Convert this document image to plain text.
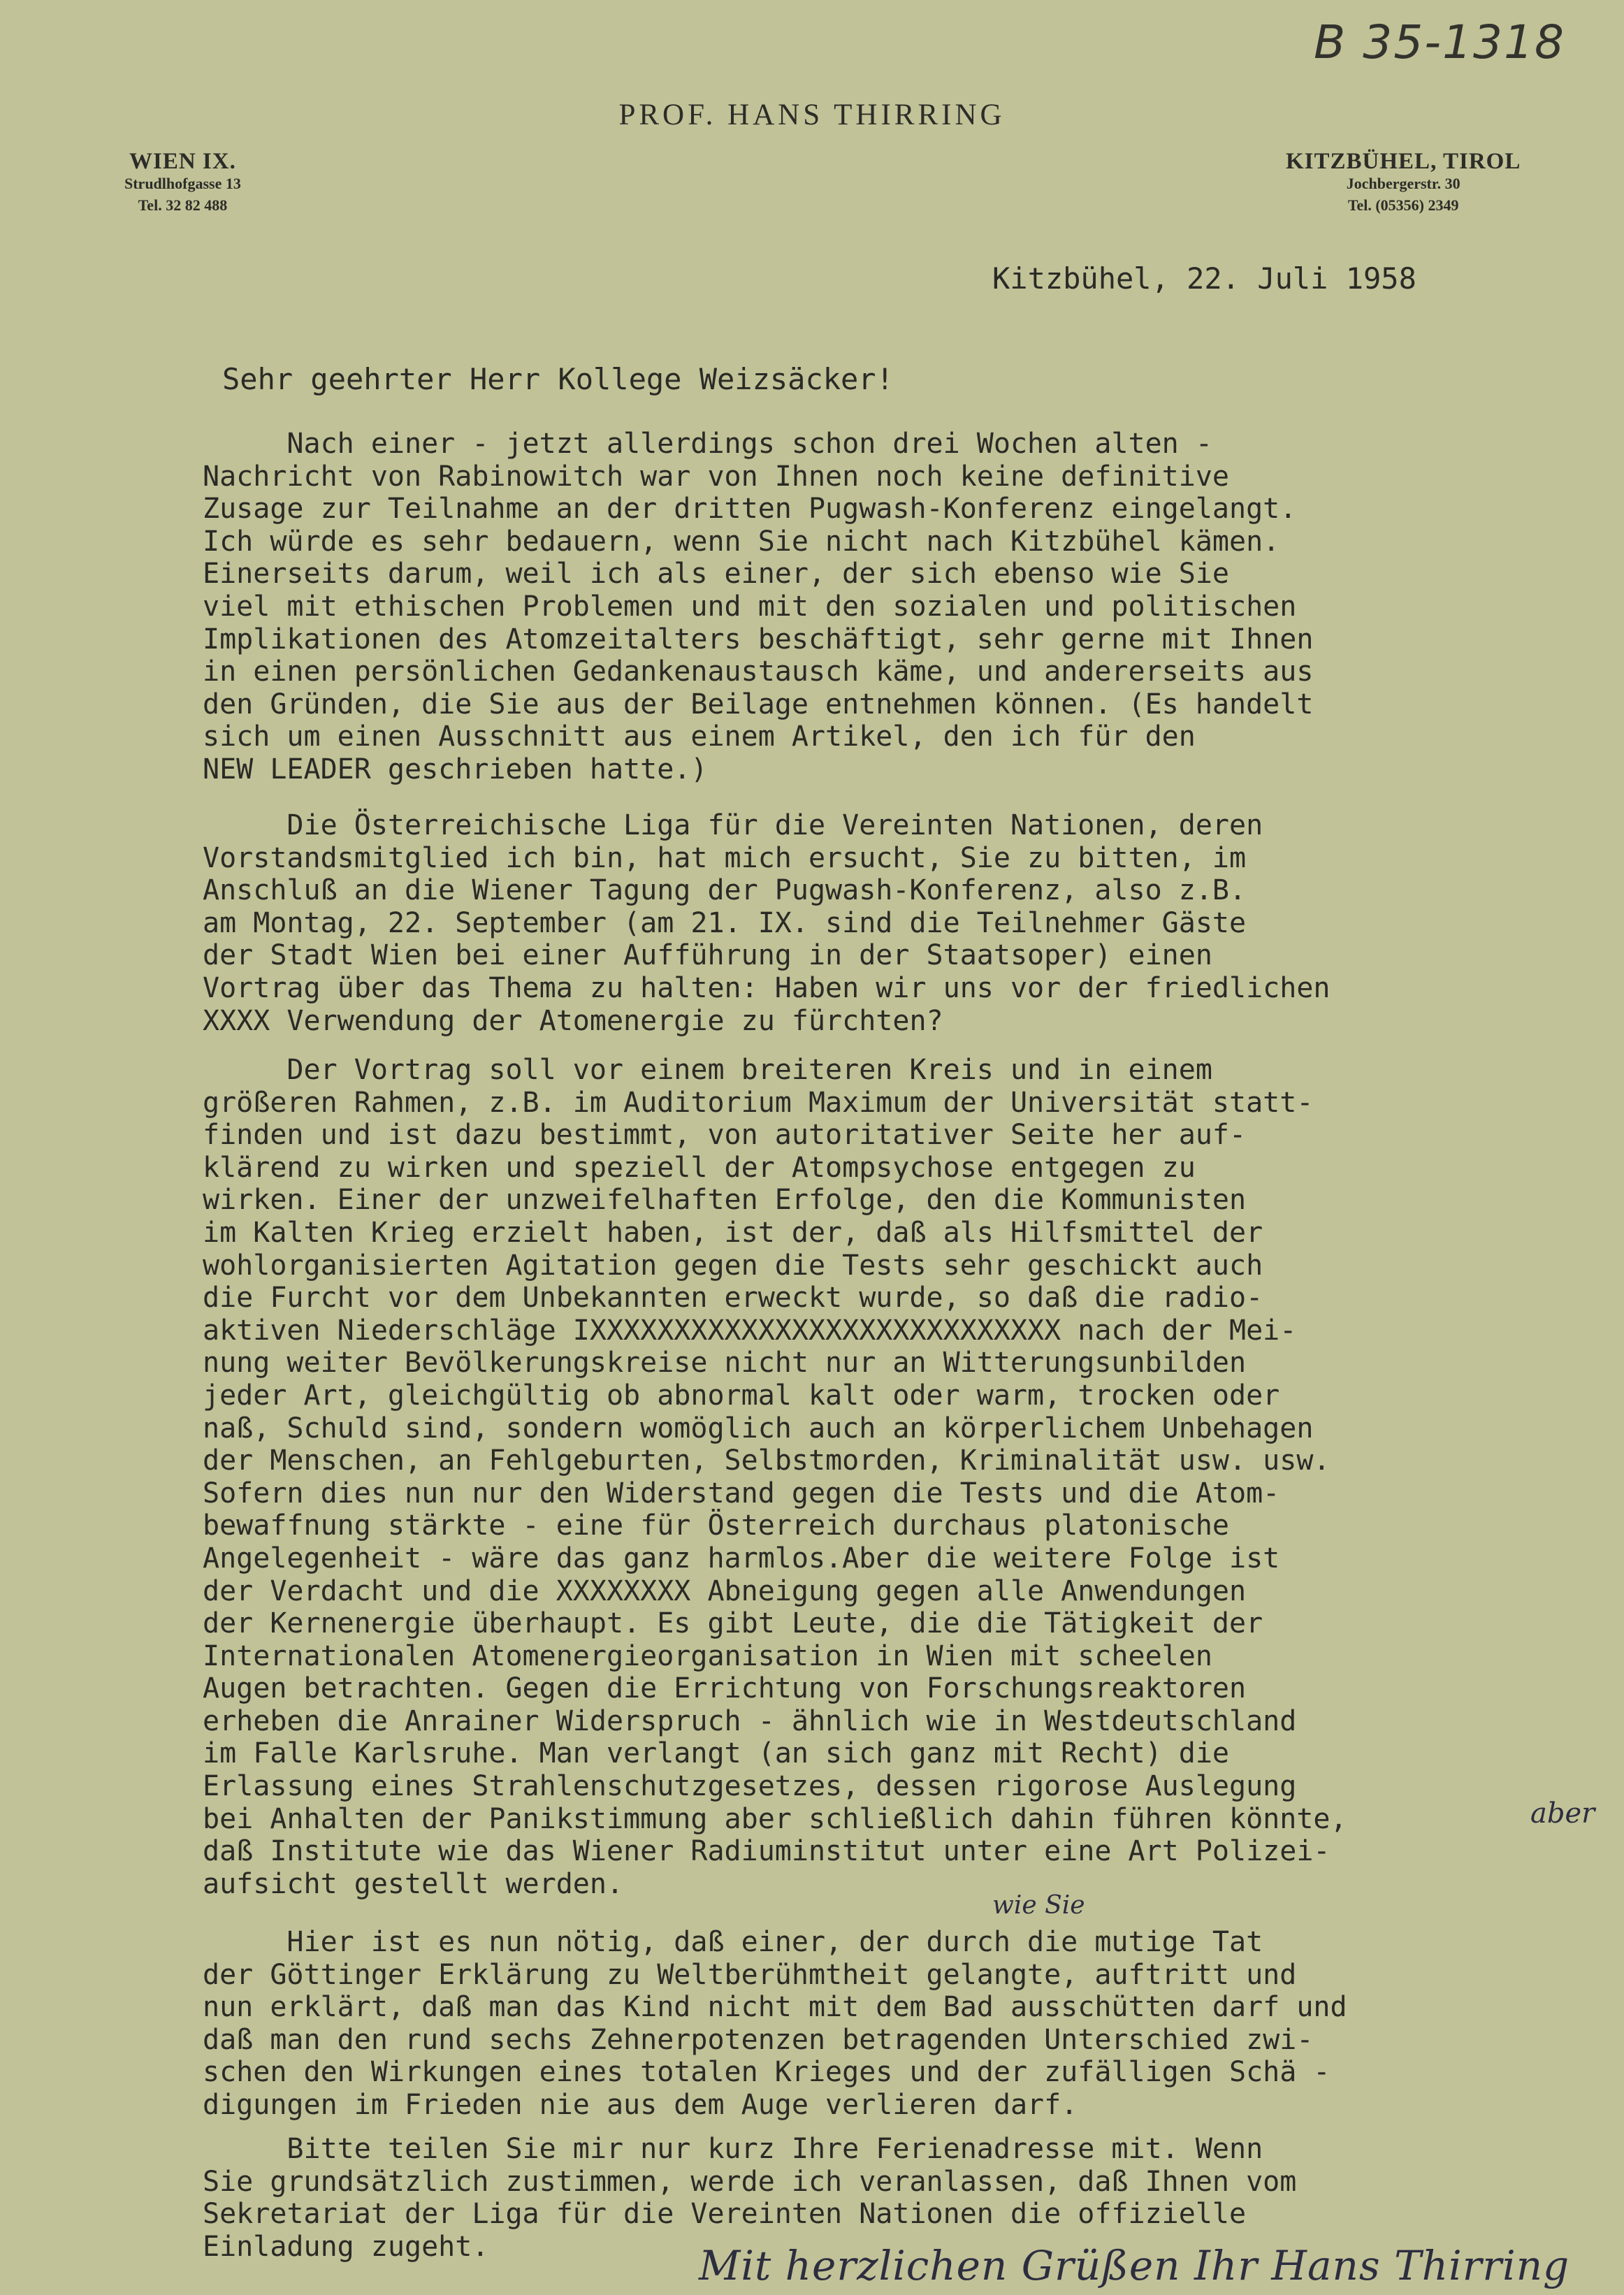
B 35-1318
PROF. HANS THIRRING
WIEN IX.
Strudlhofgasse 13
Tel. 32 82 488
KITZBÜHEL, TIROL
Jochbergerstr. 30
Tel. (05356) 2349
Kitzbühel, 22. Juli 1958
Sehr geehrter Herr Kollege Weizsäcker!
Nach einer - jetzt allerdings schon drei Wochen alten -
Nachricht von Rabinowitch war von Ihnen noch keine definitive
Zusage zur Teilnahme an der dritten Pugwash-Konferenz eingelangt.
Ich würde es sehr bedauern, wenn Sie nicht nach Kitzbühel kämen.
Einerseits darum, weil ich als einer, der sich ebenso wie Sie
viel mit ethischen Problemen und mit den sozialen und politischen
Implikationen des Atomzeitalters beschäftigt, sehr gerne mit Ihnen
in einen persönlichen Gedankenaustausch käme, und andererseits aus
den Gründen, die Sie aus der Beilage entnehmen können. (Es handelt
sich um einen Ausschnitt aus einem Artikel, den ich für den
NEW LEADER geschrieben hatte.)
Die Österreichische Liga für die Vereinten Nationen, deren
Vorstandsmitglied ich bin, hat mich ersucht, Sie zu bitten, im
Anschluß an die Wiener Tagung der Pugwash-Konferenz, also z.B.
am Montag, 22. September (am 21. IX. sind die Teilnehmer Gäste
der Stadt Wien bei einer Aufführung in der Staatsoper) einen
Vortrag über das Thema zu halten: Haben wir uns vor der friedlichen
XXXX Verwendung der Atomenergie zu fürchten?
Der Vortrag soll vor einem breiteren Kreis und in einem
größeren Rahmen, z.B. im Auditorium Maximum der Universität statt-
finden und ist dazu bestimmt, von autoritativer Seite her auf-
klärend zu wirken und speziell der Atompsychose entgegen zu
wirken. Einer der unzweifelhaften Erfolge, den die Kommunisten
im Kalten Krieg erzielt haben, ist der, daß als Hilfsmittel der
wohlorganisierten Agitation gegen die Tests sehr geschickt auch
die Furcht vor dem Unbekannten erweckt wurde, so daß die radio-
aktiven Niederschläge IXXXXXXXXXXXXXXXXXXXXXXXXXXXX nach der Mei-
nung weiter Bevölkerungskreise nicht nur an Witterungsunbilden
jeder Art, gleichgültig ob abnormal kalt oder warm, trocken oder
naß, Schuld sind, sondern womöglich auch an körperlichem Unbehagen
der Menschen, an Fehlgeburten, Selbstmorden, Kriminalität usw. usw.
Sofern dies nun nur den Widerstand gegen die Tests und die Atom-
bewaffnung stärkte - eine für Österreich durchaus platonische
Angelegenheit - wäre das ganz harmlos.Aber die weitere Folge ist
der Verdacht und die XXXXXXXX Abneigung gegen alle Anwendungen
der Kernenergie überhaupt. Es gibt Leute, die die Tätigkeit der
Internationalen Atomenergieorganisation in Wien mit scheelen
Augen betrachten. Gegen die Errichtung von Forschungsreaktoren
erheben die Anrainer Widerspruch - ähnlich wie in Westdeutschland
im Falle Karlsruhe. Man verlangt (an sich ganz mit Recht) die
Erlassung eines Strahlenschutzgesetzes, dessen rigorose Auslegung
bei Anhalten der Panikstimmung aber schließlich dahin führen könnte,
daß Institute wie das Wiener Radiuminstitut unter eine Art Polizei-
aufsicht gestellt werden.
Hier ist es nun nötig, daß einer, der durch die mutige Tat
der Göttinger Erklärung zu Weltberühmtheit gelangte, auftritt und
nun erklärt, daß man das Kind nicht mit dem Bad ausschütten darf und
daß man den rund sechs Zehnerpotenzen betragenden Unterschied zwi-
schen den Wirkungen eines totalen Krieges und der zufälligen Schä -
digungen im Frieden nie aus dem Auge verlieren darf.
Bitte teilen Sie mir nur kurz Ihre Ferienadresse mit. Wenn
Sie grundsätzlich zustimmen, werde ich veranlassen, daß Ihnen vom
Sekretariat der Liga für die Vereinten Nationen die offizielle
Einladung zugeht.
wie Sie
aber
Mit herzlichen Grüßen Ihr Hans Thirring
